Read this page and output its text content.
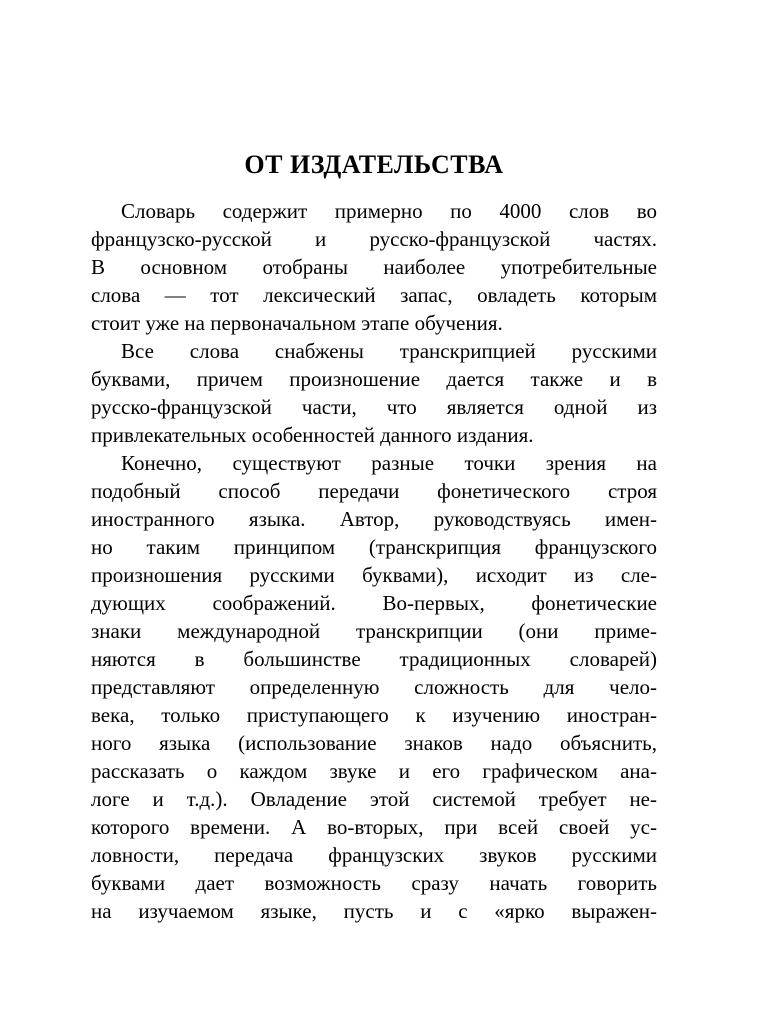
ОТ ИЗДАТЕЛЬСТВА
Словарь содержит примерно по 4000 слов во
французско-русской и русско-французской частях.
В основном отобраны наиболее употребительные
слова — тот лексический запас, овладеть которым
стоит уже на первоначальном этапе обучения.
Все слова снабжены транскрипцией русскими
буквами, причем произношение дается также и в
русско-французской части, что является одной из
привлекательных особенностей данного издания.
Конечно, существуют разные точки зрения на
подобный способ передачи фонетического строя
иностранного языка. Автор, руководствуясь имен-
но таким принципом (транскрипция французского
произношения русскими буквами), исходит из сле-
дующих соображений. Во-первых, фонетические
знаки международной транскрипции (они приме-
няются в большинстве традиционных словарей)
представляют определенную сложность для чело-
века, только приступающего к изучению иностран-
ного языка (использование знаков надо объяснить,
рассказать о каждом звуке и его графическом ана-
логе и т.д.). Овладение этой системой требует не-
которого времени. А во-вторых, при всей своей ус-
ловности, передача французских звуков русскими
буквами дает возможность сразу начать говорить
на изучаемом языке, пусть и с «ярко выражен-
